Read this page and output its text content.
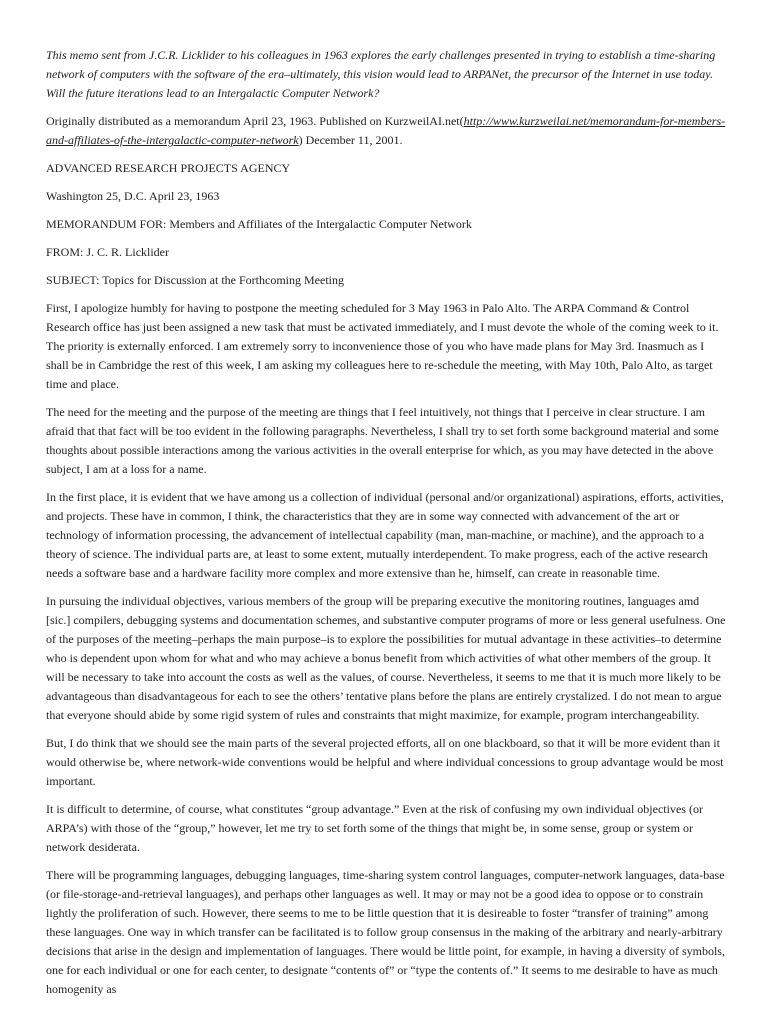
This memo sent from J.C.R. Licklider to his colleagues in 1963 explores the early challenges presented in trying to establish a time-sharing network of computers with the software of the era–ultimately, this vision would lead to ARPANet, the precursor of the Internet in use today. Will the future iterations lead to an Intergalactic Computer Network?

Originally distributed as a memorandum April 23, 1963. Published on KurzweilAI.net(http://www.kurzweilai.net/memorandum-for-members-and-affiliates-of-the-intergalactic-computer-network) December 11, 2001.

ADVANCED RESEARCH PROJECTS AGENCY

Washington 25, D.C. April 23, 1963

MEMORANDUM FOR: Members and Affiliates of the Intergalactic Computer Network

FROM: J. C. R. Licklider

SUBJECT: Topics for Discussion at the Forthcoming Meeting

First, I apologize humbly for having to postpone the meeting scheduled for 3 May 1963 in Palo Alto. The ARPA Command & Control Research office has just been assigned a new task that must be activated immediately, and I must devote the whole of the coming week to it. The priority is externally enforced. I am extremely sorry to inconvenience those of you who have made plans for May 3rd. Inasmuch as I shall be in Cambridge the rest of this week, I am asking my colleagues here to re-schedule the meeting, with May 10th, Palo Alto, as target time and place.

The need for the meeting and the purpose of the meeting are things that I feel intuitively, not things that I perceive in clear structure. I am afraid that that fact will be too evident in the following paragraphs. Nevertheless, I shall try to set forth some background material and some thoughts about possible interactions among the various activities in the overall enterprise for which, as you may have detected in the above subject, I am at a loss for a name.

In the first place, it is evident that we have among us a collection of individual (personal and/or organizational) aspirations, efforts, activities, and projects. These have in common, I think, the characteristics that they are in some way connected with advancement of the art or technology of information processing, the advancement of intellectual capability (man, man-machine, or machine), and the approach to a theory of science. The individual parts are, at least to some extent, mutually interdependent. To make progress, each of the active research needs a software base and a hardware facility more complex and more extensive than he, himself, can create in reasonable time.

In pursuing the individual objectives, various members of the group will be preparing executive the monitoring routines, languages amd [sic.] compilers, debugging systems and documentation schemes, and substantive computer programs of more or less general usefulness. One of the purposes of the meeting–perhaps the main purpose–is to explore the possibilities for mutual advantage in these activities–to determine who is dependent upon whom for what and who may achieve a bonus benefit from which activities of what other members of the group. It will be necessary to take into account the costs as well as the values, of course. Nevertheless, it seems to me that it is much more likely to be advantageous than disadvantageous for each to see the others’ tentative plans before the plans are entirely crystalized. I do not mean to argue that everyone should abide by some rigid system of rules and constraints that might maximize, for example, program interchangeability.

But, I do think that we should see the main parts of the several projected efforts, all on one blackboard, so that it will be more evident than it would otherwise be, where network-wide conventions would be helpful and where individual concessions to group advantage would be most important.

It is difficult to determine, of course, what constitutes “group advantage.” Even at the risk of confusing my own individual objectives (or ARPA’s) with those of the “group,” however, let me try to set forth some of the things that might be, in some sense, group or system or network desiderata.

There will be programming languages, debugging languages, time-sharing system control languages, computer-network languages, data-base (or file-storage-and-retrieval languages), and perhaps other languages as well. It may or may not be a good idea to oppose or to constrain lightly the proliferation of such. However, there seems to me to be little question that it is desireable to foster “transfer of training” among these languages. One way in which transfer can be facilitated is to follow group consensus in the making of the arbitrary and nearly-arbitrary decisions that arise in the design and implementation of languages. There would be little point, for example, in having a diversity of symbols, one for each individual or one for each center, to designate “contents of” or “type the contents of.” It seems to me desirable to have as much homogenity as
